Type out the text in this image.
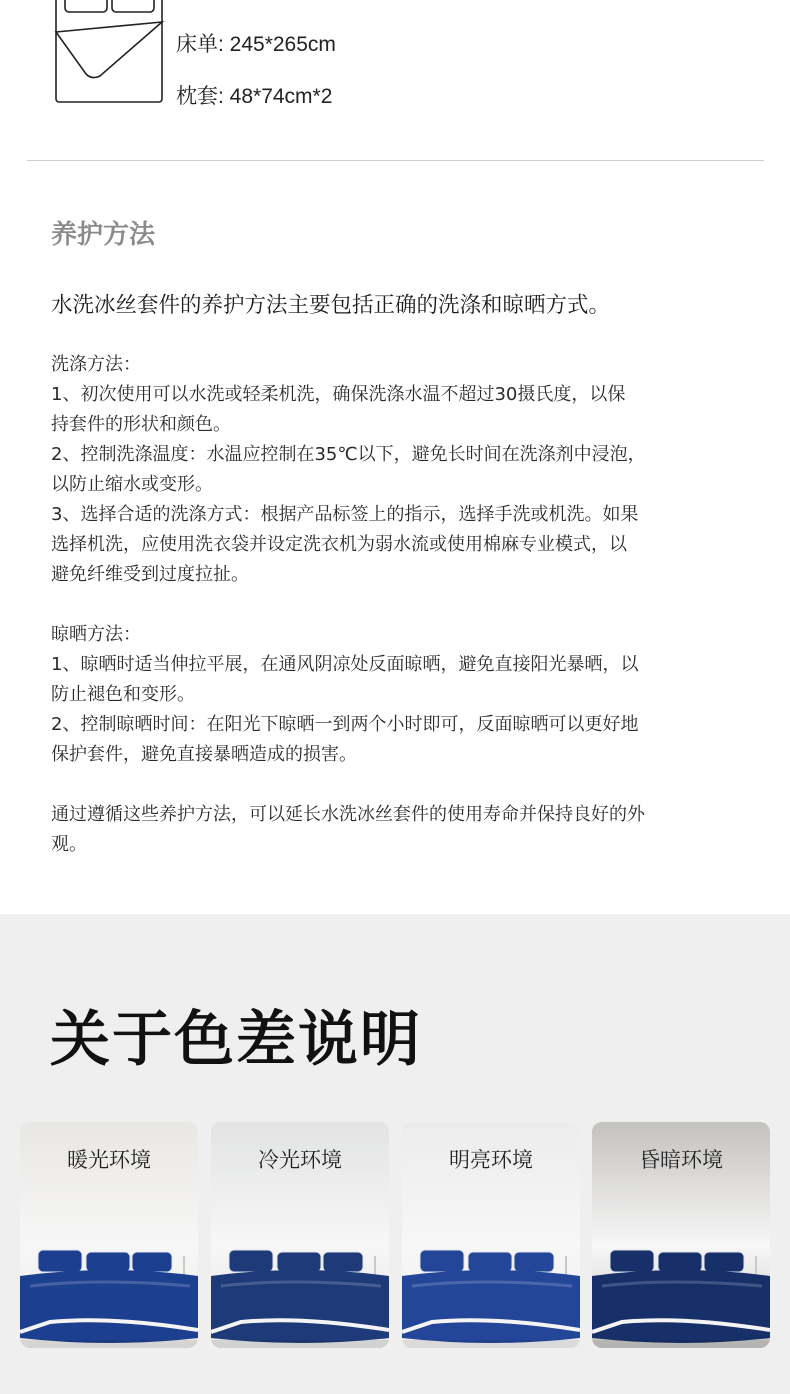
床单: 245*265cm
枕套: 48*74cm*2
养护方法
水洗冰丝套件的养护方法主要包括正确的洗涤和晾晒方式。
洗涤方法：
1、初次使用可以水洗或轻柔机洗，确保洗涤水温不超过30摄氏度，以保
持套件的形状和颜色。
2、控制洗涤温度：水温应控制在35℃以下，避免长时间在洗涤剂中浸泡，
以防止缩水或变形。
3、选择合适的洗涤方式：根据产品标签上的指示，选择手洗或机洗。如果
选择机洗，应使用洗衣袋并设定洗衣机为弱水流或使用棉麻专业模式，以
避免纤维受到过度拉扯。
晾晒方法：
1、晾晒时适当伸拉平展，在通风阴凉处反面晾晒，避免直接阳光暴晒，以
防止褪色和变形。
2、控制晾晒时间：在阳光下晾晒一到两个小时即可，反面晾晒可以更好地
保护套件，避免直接暴晒造成的损害。
通过遵循这些养护方法，可以延长水洗冰丝套件的使用寿命并保持良好的外
观。
关于色差说明
暖光环境	冷光环境	明亮环境	昏暗环境
